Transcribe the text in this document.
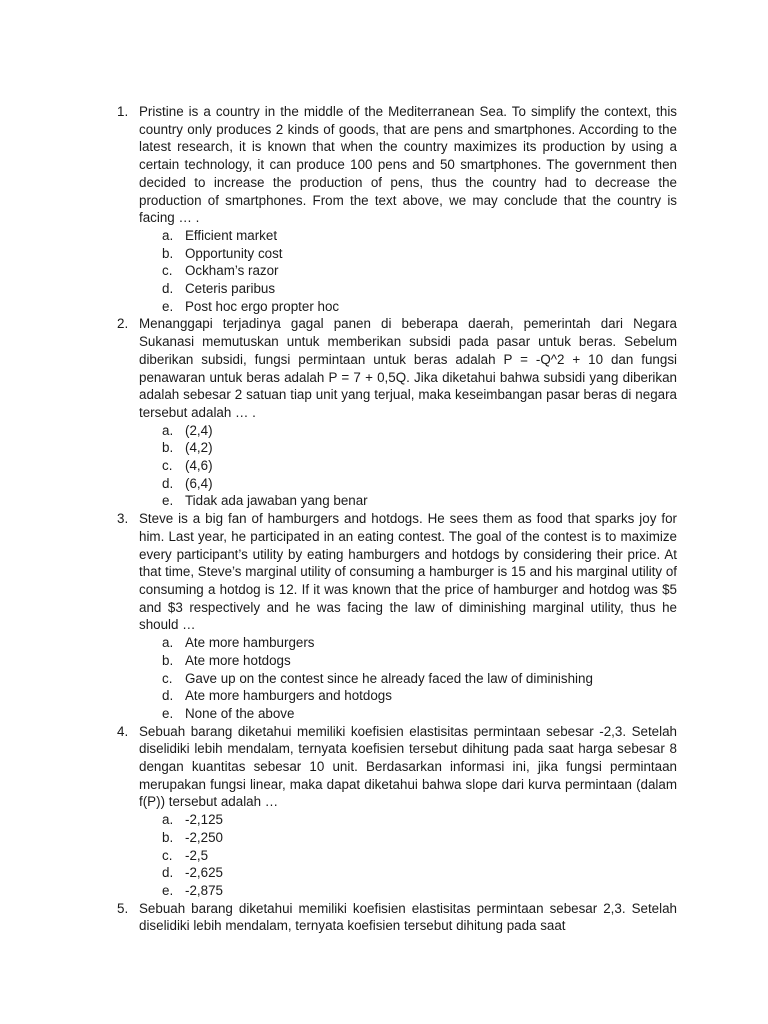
1. Pristine is a country in the middle of the Mediterranean Sea. To simplify the context, this country only produces 2 kinds of goods, that are pens and smartphones. According to the latest research, it is known that when the country maximizes its production by using a certain technology, it can produce 100 pens and 50 smartphones. The government then decided to increase the production of pens, thus the country had to decrease the production of smartphones. From the text above, we may conclude that the country is facing … .

a. Efficient market
b. Opportunity cost
c. Ockham’s razor
d. Ceteris paribus
e. Post hoc ergo propter hoc
2. Menanggapi terjadinya gagal panen di beberapa daerah, pemerintah dari Negara Sukanasi memutuskan untuk memberikan subsidi pada pasar untuk beras. Sebelum diberikan subsidi, fungsi permintaan untuk beras adalah P = -Q^2 + 10 dan fungsi penawaran untuk beras adalah P = 7 + 0,5Q. Jika diketahui bahwa subsidi yang diberikan adalah sebesar 2 satuan tiap unit yang terjual, maka keseimbangan pasar beras di negara tersebut adalah … .

a. (2,4)
b. (4,2)
c. (4,6)
d. (6,4)
e. Tidak ada jawaban yang benar
3. Steve is a big fan of hamburgers and hotdogs. He sees them as food that sparks joy for him. Last year, he participated in an eating contest. The goal of the contest is to maximize every participant’s utility by eating hamburgers and hotdogs by considering their price. At that time, Steve’s marginal utility of consuming a hamburger is 15 and his marginal utility of consuming a hotdog is 12. If it was known that the price of hamburger and hotdog was $5 and $3 respectively and he was facing the law of diminishing marginal utility, thus he should …

a. Ate more hamburgers
b. Ate more hotdogs
c. Gave up on the contest since he already faced the law of diminishing
d. Ate more hamburgers and hotdogs
e. None of the above
4. Sebuah barang diketahui memiliki koefisien elastisitas permintaan sebesar -2,3. Setelah diselidiki lebih mendalam, ternyata koefisien tersebut dihitung pada saat harga sebesar 8 dengan kuantitas sebesar 10 unit. Berdasarkan informasi ini, jika fungsi permintaan merupakan fungsi linear, maka dapat diketahui bahwa slope dari kurva permintaan (dalam f(P)) tersebut adalah …

a. -2,125
b. -2,250
c. -2,5
d. -2,625
e. -2,875
5. Sebuah barang diketahui memiliki koefisien elastisitas permintaan sebesar 2,3. Setelah diselidiki lebih mendalam, ternyata koefisien tersebut dihitung pada saat
